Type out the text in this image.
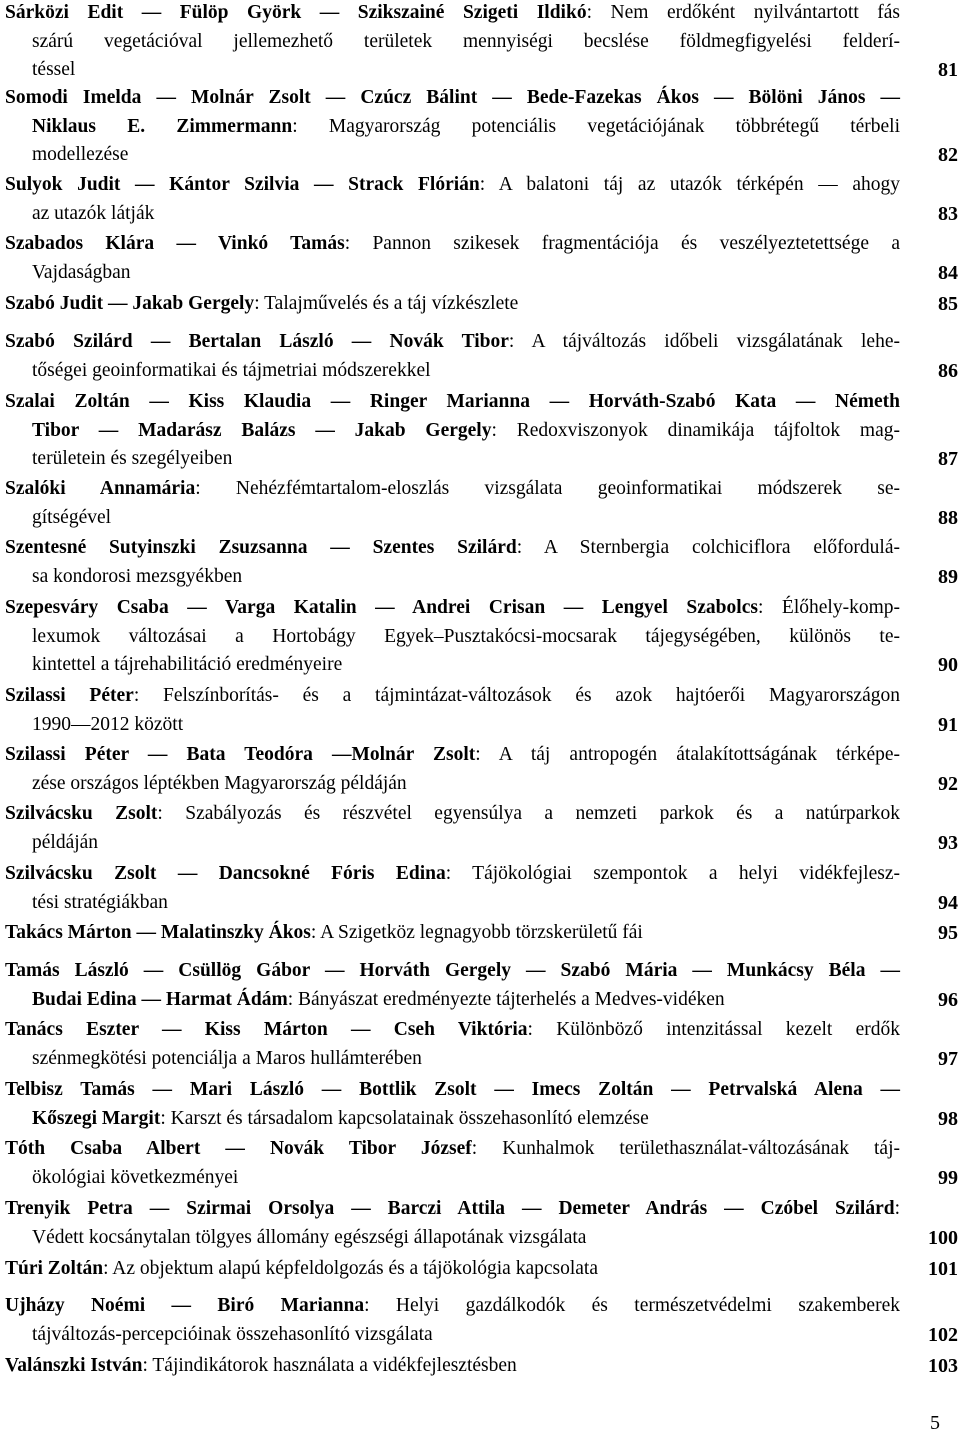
Sárközi Edit — Fülöp Györk — Szikszainé Szigeti Ildikó: Nem erdőként nyilvántartott fás
szárú vegetációval jellemezhető területek mennyiségi becslése földmegfigyelési felderí-
téssel	81
Somodi Imelda — Molnár Zsolt — Czúcz Bálint — Bede-Fazekas Ákos — Bölöni János —
Niklaus E. Zimmermann: Magyarország potenciális vegetációjának többrétegű térbeli
modellezése	82
Sulyok Judit — Kántor Szilvia — Strack Flórián: A balatoni táj az utazók térképén — ahogy
az utazók látják	83
Szabados Klára — Vinkó Tamás: Pannon szikesek fragmentációja és veszélyeztetettsége a
Vajdaságban	84
Szabó Judit — Jakab Gergely: Talajművelés és a táj vízkészlete	85
Szabó Szilárd — Bertalan László — Novák Tibor: A tájváltozás időbeli vizsgálatának lehe-
tőségei geoinformatikai és tájmetriai módszerekkel	86
Szalai Zoltán — Kiss Klaudia — Ringer Marianna — Horváth-Szabó Kata — Németh
Tibor — Madarász Balázs — Jakab Gergely: Redoxviszonyok dinamikája tájfoltok mag-
területein és szegélyeiben	87
Szalóki Annamária: Nehézfémtartalom-eloszlás vizsgálata geoinformatikai módszerek se-
gítségével	88
Szentesné Sutyinszki Zsuzsanna — Szentes Szilárd: A Sternbergia colchiciflora előfordulá-
sa kondorosi mezsgyékben	89
Szepesváry Csaba — Varga Katalin — Andrei Crisan — Lengyel Szabolcs: Élőhely-komp-
lexumok változásai a Hortobágy Egyek–Pusztakócsi-mocsarak tájegységében, különös te-
kintettel a tájrehabilitáció eredményeire	90
Szilassi Péter: Felszínborítás- és a tájmintázat-változások és azok hajtóerői Magyarországon
1990—2012 között	91
Szilassi Péter — Bata Teodóra —Molnár Zsolt: A táj antropogén átalakítottságának térképe-
zése országos léptékben Magyarország példáján	92
Szilvácsku Zsolt: Szabályozás és részvétel egyensúlya a nemzeti parkok és a natúrparkok
példáján	93
Szilvácsku Zsolt — Dancsokné Fóris Edina: Tájökológiai szempontok a helyi vidékfejlesz-
tési stratégiákban	94
Takács Márton — Malatinszky Ákos: A Szigetköz legnagyobb törzskerületű fái	95
Tamás László — Csüllög Gábor — Horváth Gergely — Szabó Mária — Munkácsy Béla —
Budai Edina — Harmat Ádám: Bányászat eredményezte tájterhelés a Medves-vidéken	96
Tanács Eszter — Kiss Márton — Cseh Viktória: Különböző intenzitással kezelt erdők
szénmegkötési potenciálja a Maros hullámterében	97
Telbisz Tamás — Mari László — Bottlik Zsolt — Imecs Zoltán — Petrvalská Alena —
Kőszegi Margit: Karszt és társadalom kapcsolatainak összehasonlító elemzése	98
Tóth Csaba Albert — Novák Tibor József: Kunhalmok területhasználat-változásának táj-
ökológiai következményei	99
Trenyik Petra — Szirmai Orsolya — Barczi Attila — Demeter András — Czóbel Szilárd:
Védett kocsánytalan tölgyes állomány egészségi állapotának vizsgálata	100
Túri Zoltán: Az objektum alapú képfeldolgozás és a tájökológia kapcsolata	101
Ujházy Noémi — Biró Marianna: Helyi gazdálkodók és természetvédelmi szakemberek
tájváltozás-percepcióinak összehasonlító vizsgálata	102
Valánszki István: Tájindikátorok használata a vidékfejlesztésben	103
5
